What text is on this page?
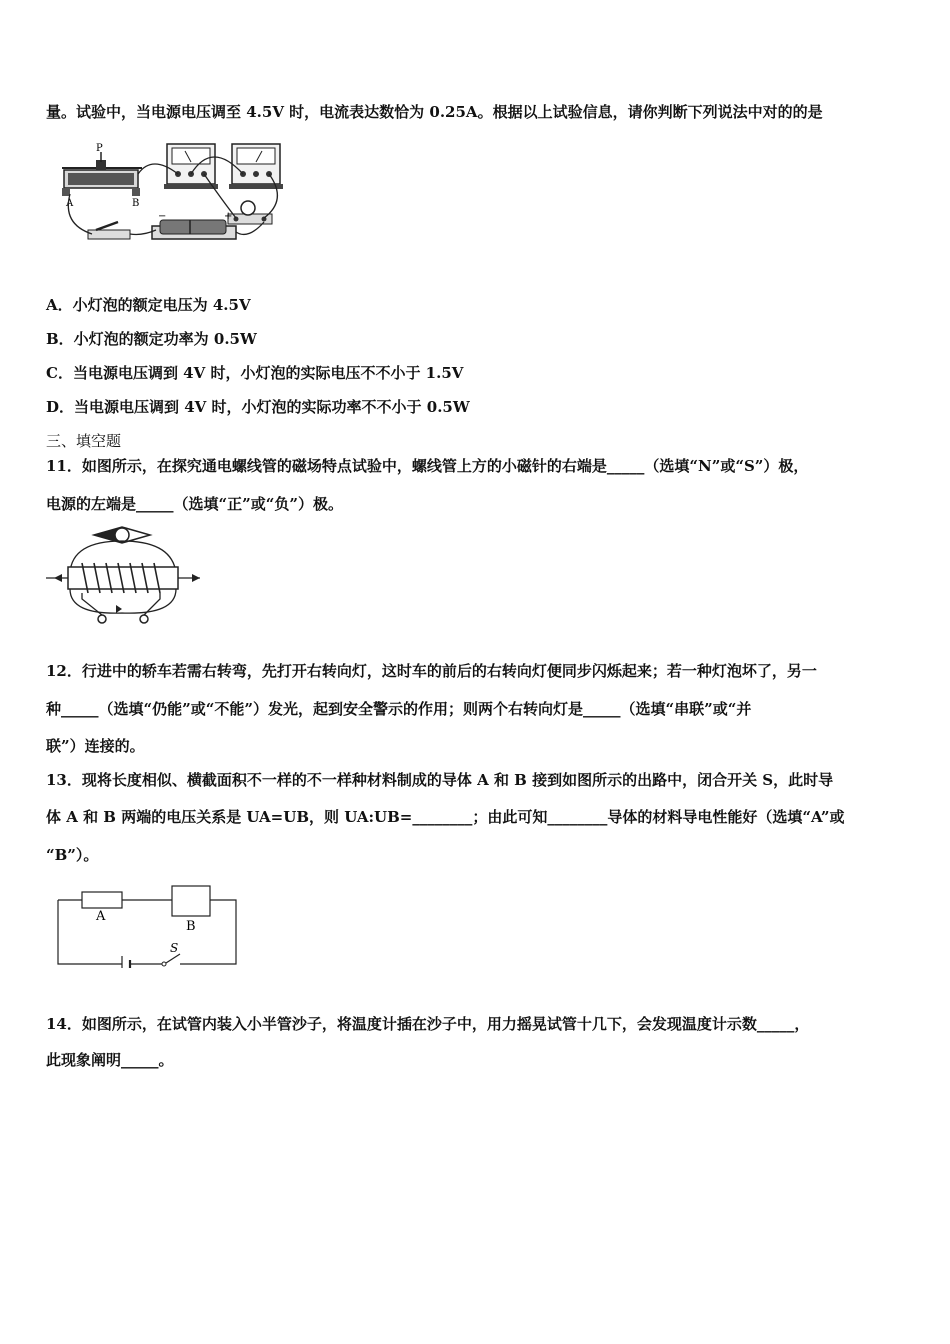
量。试验中，当电源电压调至 4.5V 时，电流表达数恰为 0.25A。根据以上试验信息，请你判断下列说法中对的的是
P
A	B
−	+
A．小灯泡的额定电压为 4.5V
B．小灯泡的额定功率为 0.5W
C．当电源电压调到 4V 时，小灯泡的实际电压不不小于 1.5V
D．当电源电压调到 4V 时，小灯泡的实际功率不不小于 0.5W
三、填空题
11．如图所示，在探究通电螺线管的磁场特点试验中，螺线管上方的小磁针的右端是_____（选填“N”或“S”）极，
电源的左端是_____（选填“正”或“负”）极。
12．行进中的轿车若需右转弯，先打开右转向灯，这时车的前后的右转向灯便同步闪烁起来；若一种灯泡坏了，另一
种_____（选填“仍能”或“不能”）发光，起到安全警示的作用；则两个右转向灯是_____（选填“串联”或“并
联”）连接的。
13．现将长度相似、横截面积不一样的不一样种材料制成的导体 A 和 B 接到如图所示的出路中，闭合开关 S，此时导
体 A 和 B 两端的电压关系是 UA=UB，则 UA:UB=________；由此可知________导体的材料导电性能好（选填“A”或
“B”）。
A
B
S
14．如图所示，在试管内装入小半管沙子，将温度计插在沙子中，用力摇晃试管十几下，会发现温度计示数_____，
此现象阐明_____。
